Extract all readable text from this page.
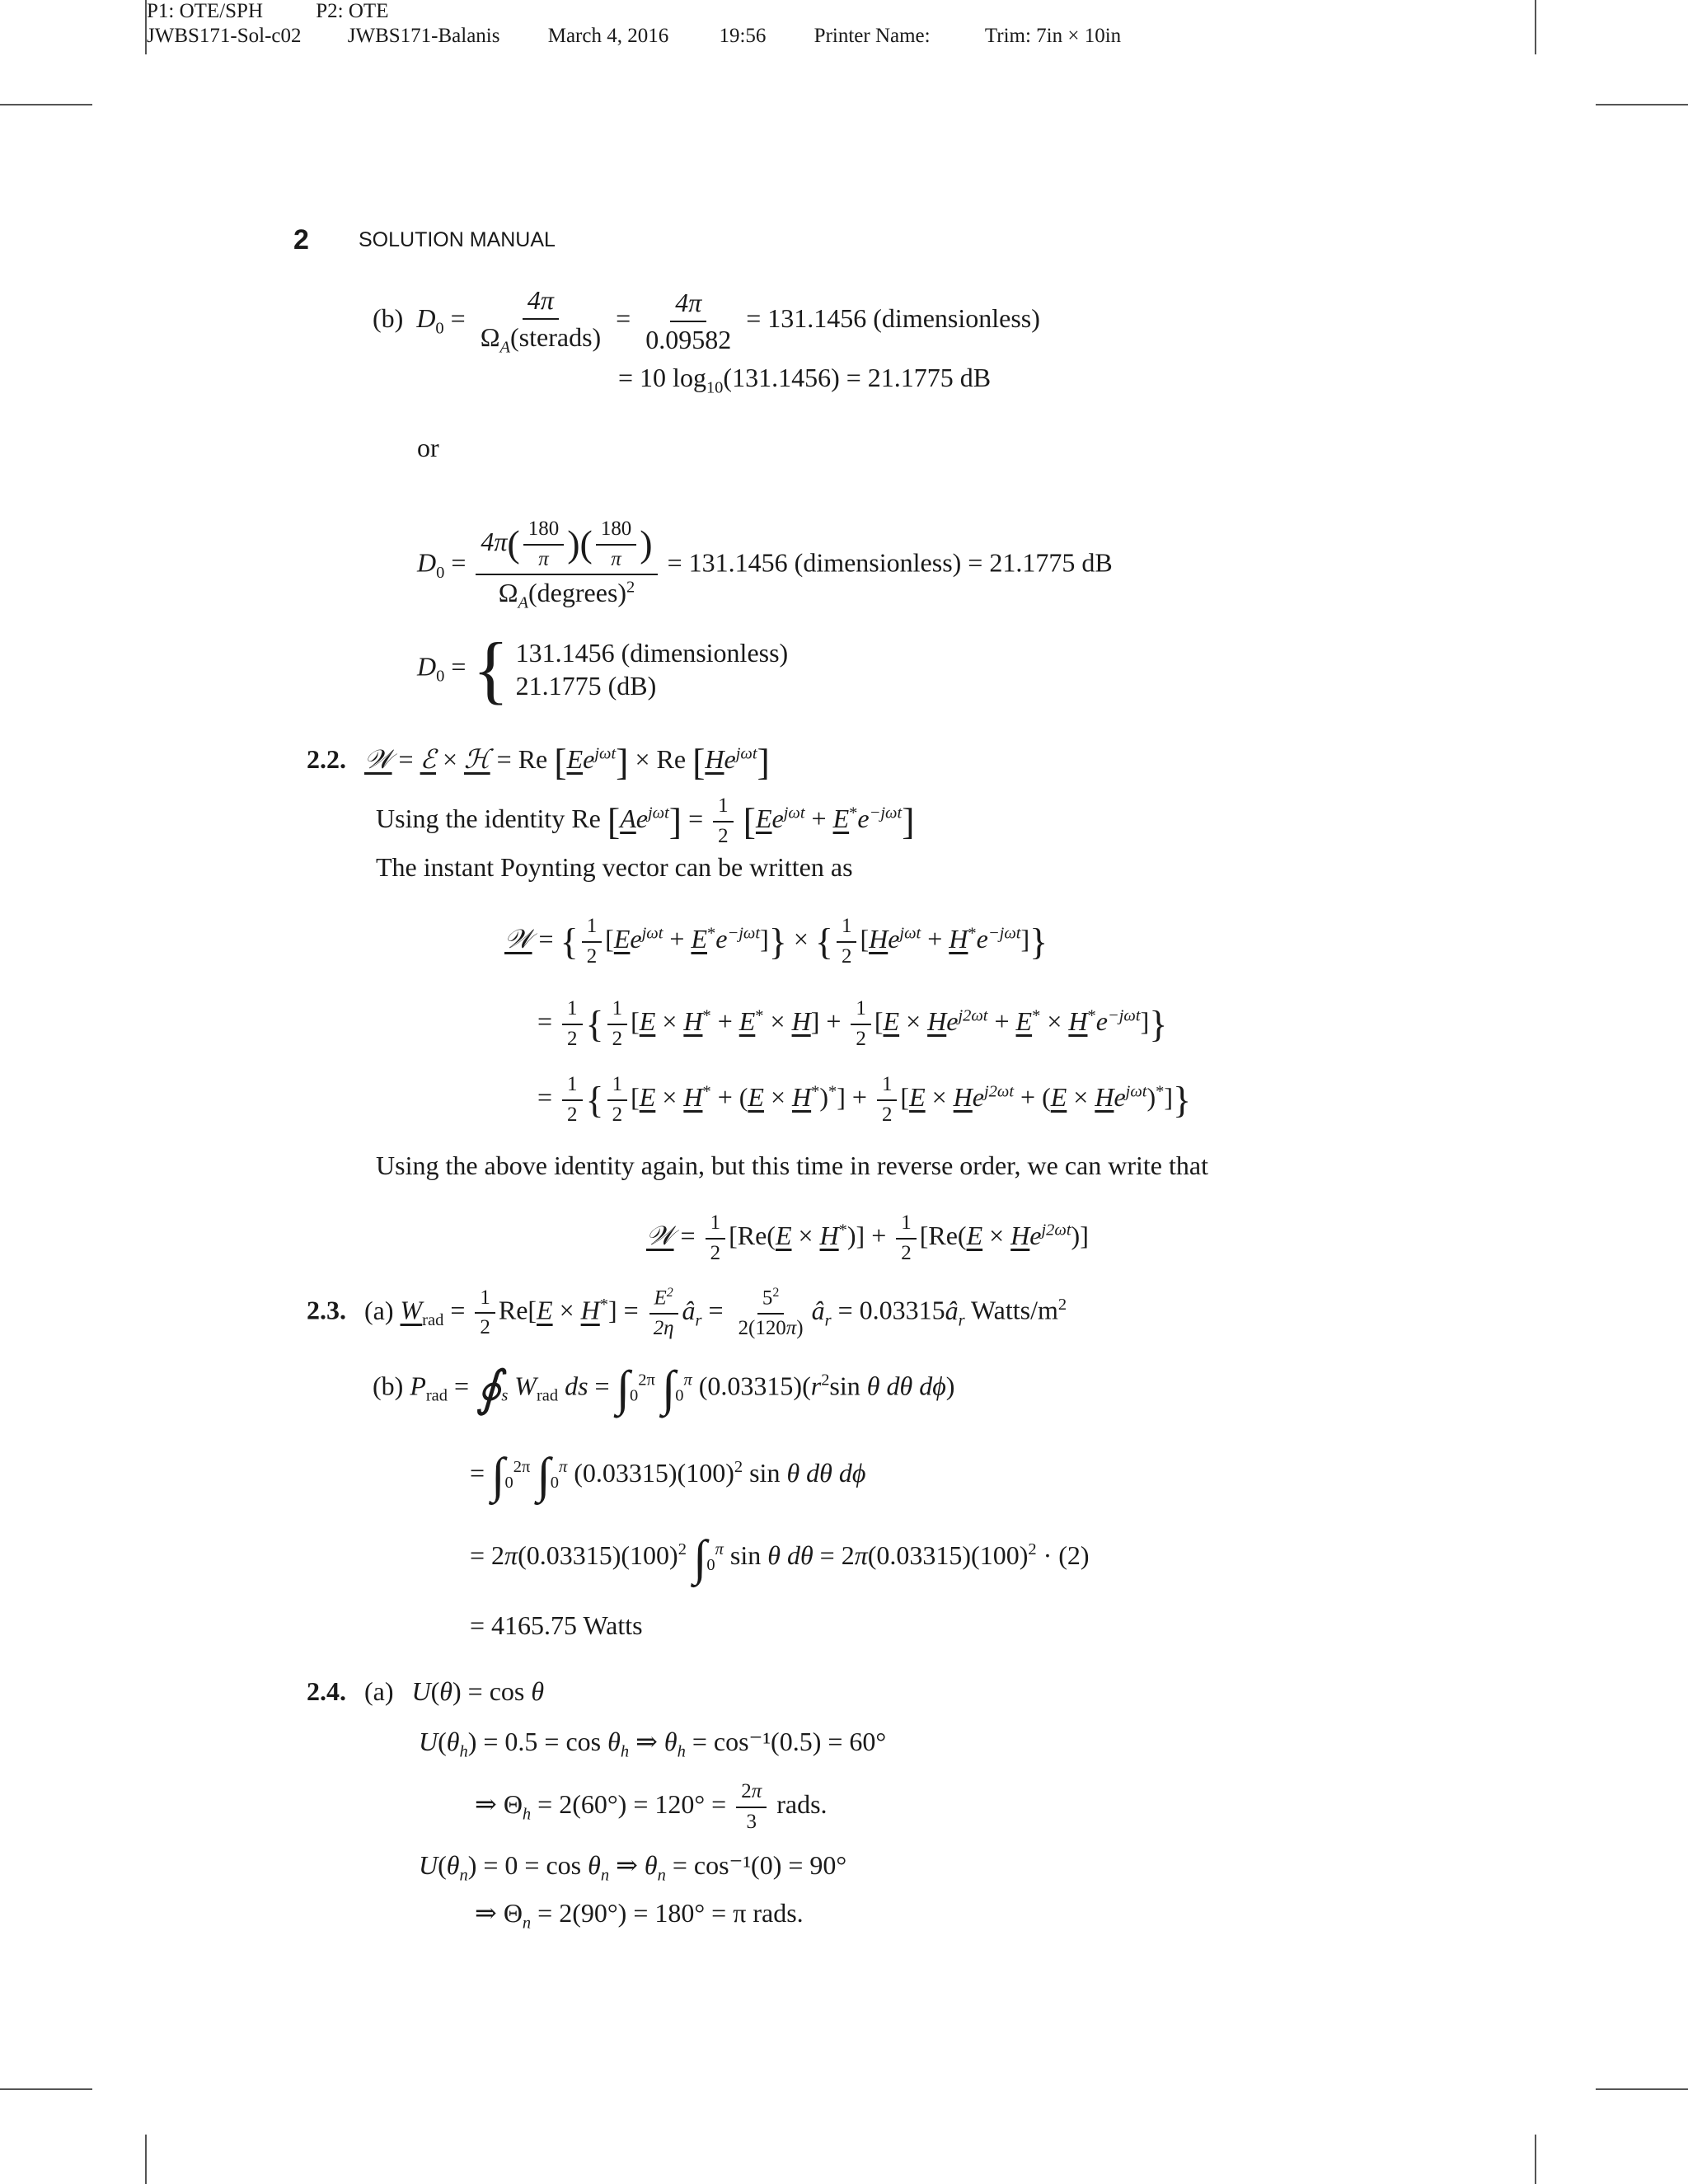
P1: OTE/SPH	P2: OTE
JWBS171-Sol-c02 JWBS171-Balanis March 4, 2016 19:56 Printer Name:	Trim: 7in × 10in
2 SOLUTION MANUAL
(b)  $D_0 = \frac{4\pi}{\Omega_A(sterads)} = \frac{4\pi}{0.09582} = 131.1456$ (dimensionless)
= 10 $\log_{10}(131.1456) = 21.1775$ dB
or
$D_0 = \frac{4\pi( \frac{180}{\pi} )( \frac{180}{\pi} )}{\Omega_A(degrees)^2} = 131.1456$ (dimensionless) = 21.1775 dB
$D_0$ = { 131.1456 (dimensionless)
21.1775 (dB)
2.2. 𝒲 = ℰ × ℋ = Re $[Ee^{j\omega t}] \times Re$ $[He^{j\omega t}]$
Using the identity Re $[Ae^{j\omega t}] = \frac{1}{2} [Ee^{j\omega t} + E^*e^{-j\omega t}]$
The instant Poynting vector can be written as
𝒲 = { $\frac{1}{2} [Ee^{j\omega t} + E^*e^{-j\omega t}]$} × { $\frac{1}{2} [He^{j\omega t} + H^*e^{-j\omega t}]$}
= $\frac{1}{2}$ { $\frac{1}{2} [E \times H^* + E^* \times H] + \frac{1}{2} [E \times He^{j2\omega t} + E^* \times H^*e^{-j\omega t}]$}
= $\frac{1}{2}$ { $\frac{1}{2} [E \times H^* + (E \times H^*)^*] + \frac{1}{2} [E \times He^{j2\omega t} + (E \times He^{j\omega t})^*]$}
Using the above identity again, but this time in reverse order, we can write that
𝒲 = $\frac{1}{2} [Re(E \times H^*)] + \frac{1}{2} [Re(E \times He^{j2\omega t})]$
2.3. (a) $W_{rad} = \frac{1}{2} Re[E \times H^*] = \frac{E^2}{2\eta}$ $â_r = \frac{5^2}{2(120\pi)}$ $â_r$ = $0.03315â_r$ Watts/$m^2$
(b) $P_{rad}$ = $∮_s$ $W_{rad}$ ds = $\int_0^{2\pi}$ $\int_0^\pi$ $(0.03315)(r^2\sin$ θ dθ dϕ)
= $\int_0^{2\pi}$ $\int_0^\pi$ $(0.03315)(100)^2$ sin θ dθ dϕ
= $2\pi(0.03315)(100)^2$ $\int_0^\pi$ sin θ $d\theta = 2\pi(0.03315)(100)^2 \cdot (2)$
= 4165.75 Watts
2.4. (a) U(θ) = cos θ
$U(\theta_h) = 0.5 = \cos \theta_h$ ⇒ $\theta_h = \cos^{-1}(0.5) = 60^\circ$
⇒ $\Theta_h = 2(60^\circ) = 120^\circ = \frac{2\pi}{3}$ rads.
$U(\theta_n) = 0 = \cos \theta_n$ ⇒ $\theta_n = \cos^{-1}(0) = 90^\circ$
⇒ $\Theta_n = 2(90^\circ) = 180^\circ = \pi$ rads.
